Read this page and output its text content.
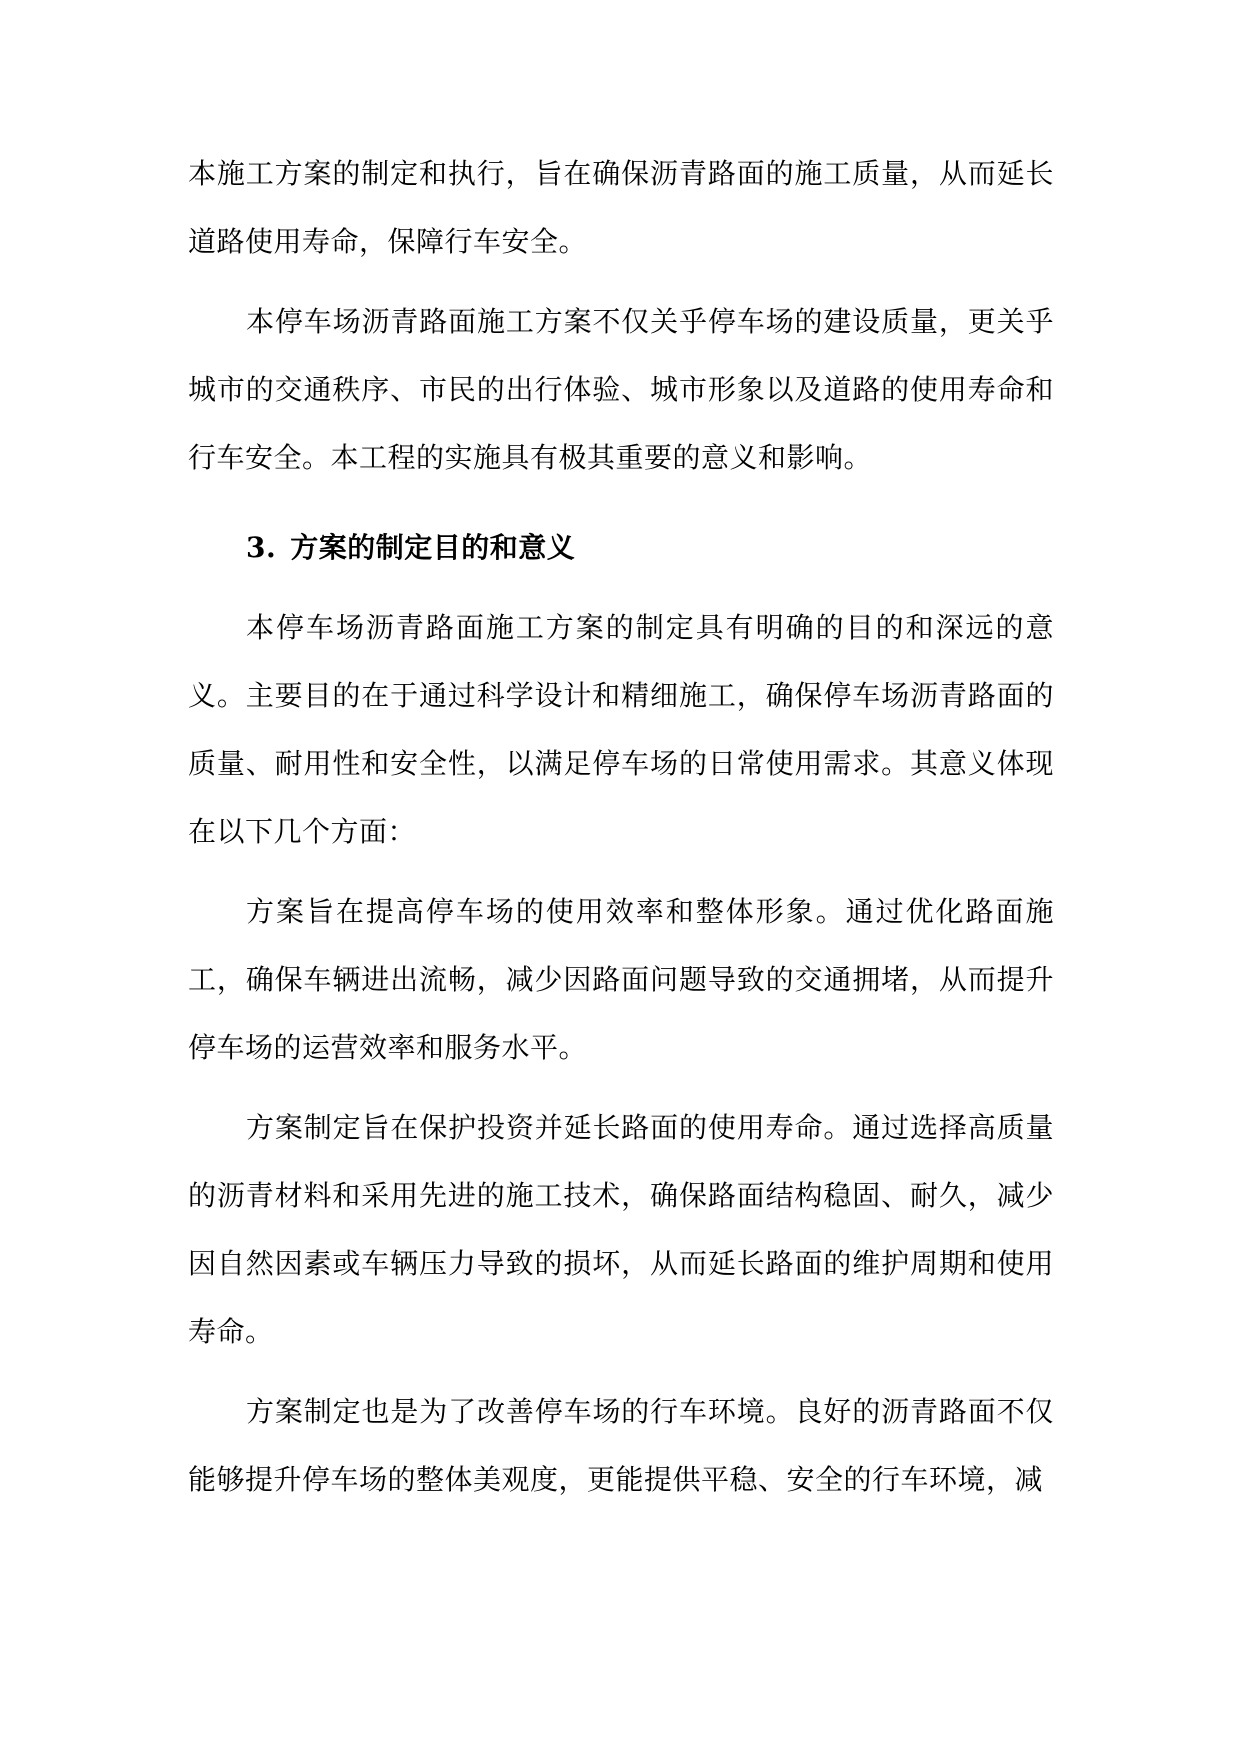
本施工方案的制定和执行，旨在确保沥青路面的施工质量，从而延长道路使用寿命，保障行车安全。

本停车场沥青路面施工方案不仅关乎停车场的建设质量，更关乎城市的交通秩序、市民的出行体验、城市形象以及道路的使用寿命和行车安全。本工程的实施具有极其重要的意义和影响。

3. 方案的制定目的和意义

本停车场沥青路面施工方案的制定具有明确的目的和深远的意义。主要目的在于通过科学设计和精细施工，确保停车场沥青路面的质量、耐用性和安全性，以满足停车场的日常使用需求。其意义体现在以下几个方面：

方案旨在提高停车场的使用效率和整体形象。通过优化路面施工，确保车辆进出流畅，减少因路面问题导致的交通拥堵，从而提升停车场的运营效率和服务水平。

方案制定旨在保护投资并延长路面的使用寿命。通过选择高质量的沥青材料和采用先进的施工技术，确保路面结构稳固、耐久，减少因自然因素或车辆压力导致的损坏，从而延长路面的维护周期和使用寿命。

方案制定也是为了改善停车场的行车环境。良好的沥青路面不仅能够提升停车场的整体美观度，更能提供平稳、安全的行车环境，减
